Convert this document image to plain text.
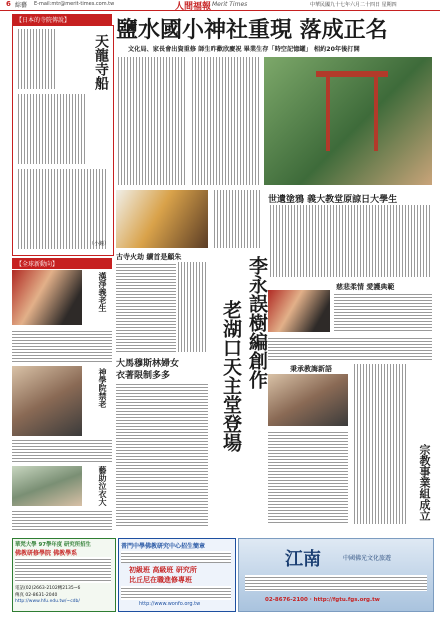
6 綜藝 E-mail:mtr@merit-times.com.tw	人間福報 Merit Times	中華民國九十七年六月二十四日 星期四
【日本的寺院傳說】
天龍寺船
（小鐘）
【全球新動向】
漢淨義老生
神學院禁老
藝助泣衣大
鹽水國小神社重現 落成正名
文化局、家長會出資重修 師生昨歡欣慶祝 畢業生存「時空記憶罐」 相約20年後打開
古寺火劫 續首是顧朱
大馬穆斯林婦女
衣著限制多多	李永誤樹編創作
老湖口天主堂登場
世遺塗鴉 義大教堂原諒日大學生
慈悲柔情 愛護典範
秉承教誨新語
宗教事業組成立
華梵大學 97學年度 研究所招生
佛教研修學院 佛教學系
電話(02)2663-2102轉2135~6
傳真 02-8631-2040
http://www.hfu.edu.tw/~cdb/
普門中學佛教研究中心招生簡章
初級班 高級班 研究所
比丘尼在職進修專班
http://www.wonfo.org.tw
江南	中國佛光文化旅遊
02-8676-2100 ‧ http://fgtu.fgs.org.tw
